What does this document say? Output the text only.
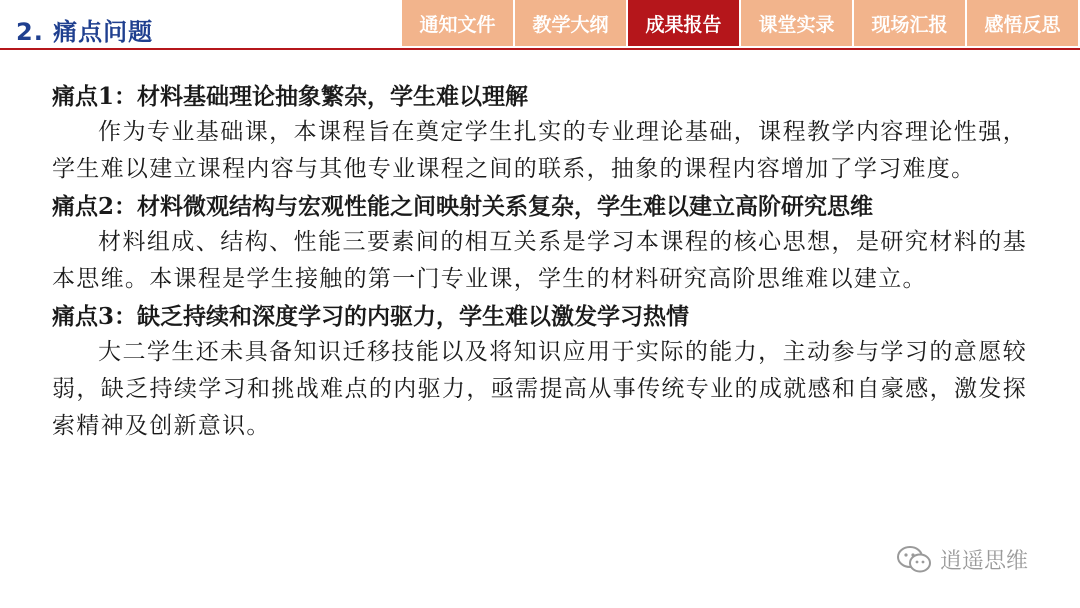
2. 痛点问题	通知文件	教学大纲	成果报告	课堂实录	现场汇报	感悟反思

痛点1：材料基础理论抽象繁杂，学生难以理解

作为专业基础课，本课程旨在奠定学生扎实的专业理论基础，课程教学内容理论性强，学生难以建立课程内容与其他专业课程之间的联系，抽象的课程内容增加了学习难度。

痛点2：材料微观结构与宏观性能之间映射关系复杂，学生难以建立高阶研究思维

材料组成、结构、性能三要素间的相互关系是学习本课程的核心思想，是研究材料的基本思维。本课程是学生接触的第一门专业课，学生的材料研究高阶思维难以建立。

痛点3：缺乏持续和深度学习的内驱力，学生难以激发学习热情

大二学生还未具备知识迁移技能以及将知识应用于实际的能力，主动参与学习的意愿较弱，缺乏持续学习和挑战难点的内驱力，亟需提高从事传统专业的成就感和自豪感，激发探索精神及创新意识。

逍遥思维
